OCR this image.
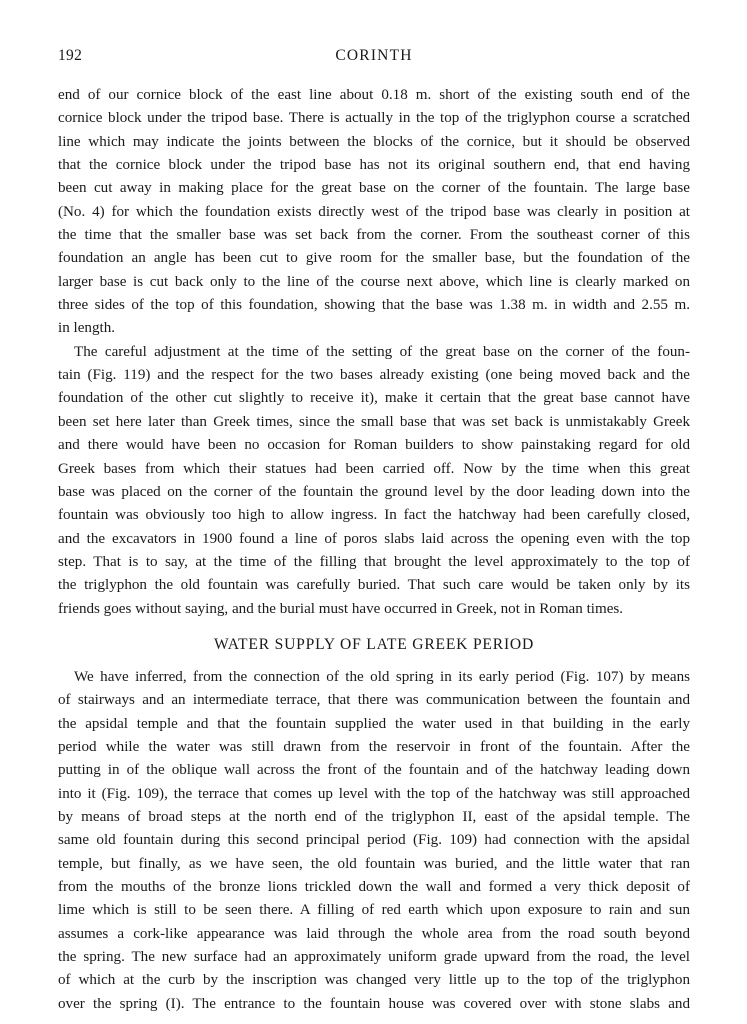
192	CORINTH
end of our cornice block of the east line about 0.18 m. short of the existing south end of the
cornice block under the tripod base. There is actually in the top of the triglyphon course a scratched
line which may indicate the joints between the blocks of the cornice, but it should be observed
that the cornice block under the tripod base has not its original southern end, that end having
been cut away in making place for the great base on the corner of the fountain. The large base
(No. 4) for which the foundation exists directly west of the tripod base was clearly in position at
the time that the smaller base was set back from the corner. From the southeast corner of this
foundation an angle has been cut to give room for the smaller base, but the foundation of the
larger base is cut back only to the line of the course next above, which line is clearly marked on
three sides of the top of this foundation, showing that the base was 1.38 m. in width and 2.55 m.
in length.
The careful adjustment at the time of the setting of the great base on the corner of the foun-
tain (Fig. 119) and the respect for the two bases already existing (one being moved back and the
foundation of the other cut slightly to receive it), make it certain that the great base cannot have
been set here later than Greek times, since the small base that was set back is unmistakably Greek
and there would have been no occasion for Roman builders to show painstaking regard for old
Greek bases from which their statues had been carried off. Now by the time when this great
base was placed on the corner of the fountain the ground level by the door leading down into the
fountain was obviously too high to allow ingress. In fact the hatchway had been carefully closed,
and the excavators in 1900 found a line of poros slabs laid across the opening even with the top
step. That is to say, at the time of the filling that brought the level approximately to the top of
the triglyphon the old fountain was carefully buried. That such care would be taken only by its
friends goes without saying, and the burial must have occurred in Greek, not in Roman times.
WATER SUPPLY OF LATE GREEK PERIOD
We have inferred, from the connection of the old spring in its early period (Fig. 107) by means
of stairways and an intermediate terrace, that there was communication between the fountain and
the apsidal temple and that the fountain supplied the water used in that building in the early
period while the water was still drawn from the reservoir in front of the fountain. After the
putting in of the oblique wall across the front of the fountain and of the hatchway leading down
into it (Fig. 109), the terrace that comes up level with the top of the hatchway was still approached
by means of broad steps at the north end of the triglyphon II, east of the apsidal temple. The
same old fountain during this second principal period (Fig. 109) had connection with the apsidal
temple, but finally, as we have seen, the old fountain was buried, and the little water that ran
from the mouths of the bronze lions trickled down the wall and formed a very thick deposit of
lime which is still to be seen there. A filling of red earth which upon exposure to rain and sun
assumes a cork-like appearance was laid through the whole area from the road south beyond
the spring. The new surface had an approximately uniform grade upward from the road, the level
of which at the curb by the inscription was changed very little up to the top of the triglyphon
over the spring (I). The entrance to the fountain house was covered over with stone slabs and
